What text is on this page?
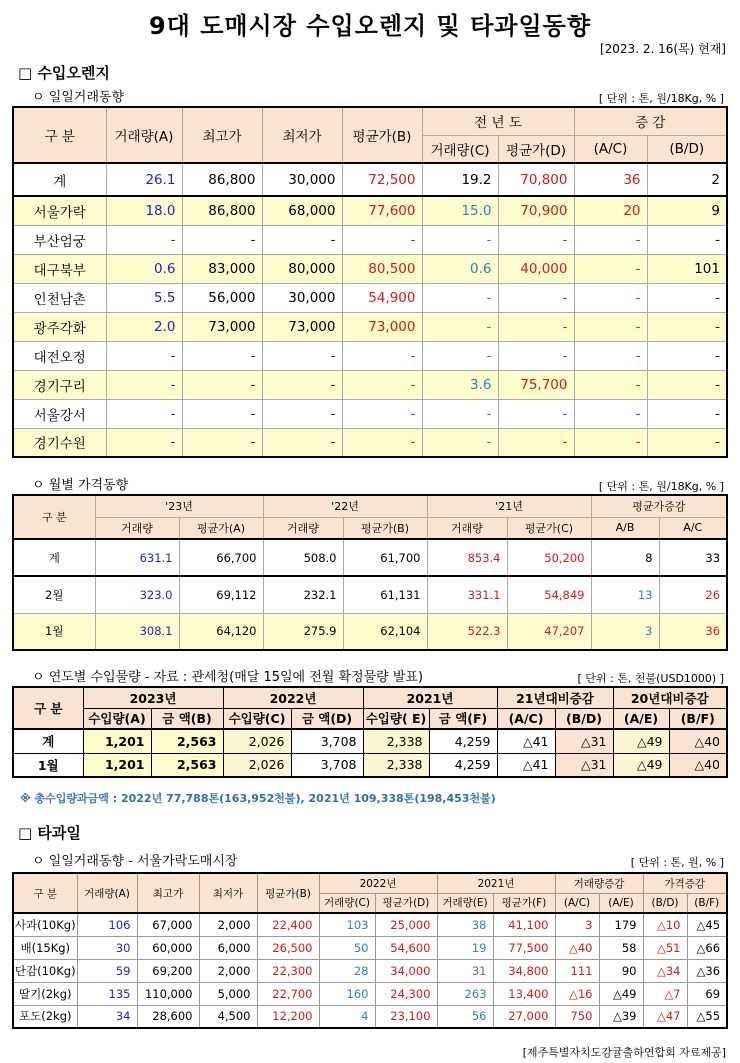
9대 도매시장 수입오렌지 및 타과일동향
[2023. 2. 16(목) 현재]
□ 수입오렌지
ㅇ 일일거래동향	[ 단위 : 톤, 원/18Kg, % ]
구 분	거래량(A)	최고가	최저가	평균가(B)	전 년 도		증 감	
					거래량(C)	평균가(D)	(A/C)	(B/D)
계	26.1	86,800	30,000	72,500	19.2	70,800	36	2
서울가락	18.0	86,800	68,000	77,600	15.0	70,900	20	9
부산엄궁	-	-	-	-	-	-	-	-
대구북부	0.6	83,000	80,000	80,500	0.6	40,000	-	101
인천남촌	5.5	56,000	30,000	54,900	-	-	-	-
광주각화	2.0	73,000	73,000	73,000	-	-	-	-
대전오정	-	-	-	-	-	-	-	-
경기구리	-	-	-	-	3.6	75,700	-	-
서울강서	-	-	-	-	-	-	-	-
경기수원	-	-	-	-	-	-	-	-
ㅇ 월별 가격동향	[ 단위 : 톤, 원/18Kg, % ]
구 분	'23년		'22년		'21년		평균가증감	
	거래량	평균가(A)	거래량	평균가(B)	거래량	평균가(C)	A/B	A/C
계	631.1	66,700	508.0	61,700	853.4	50,200	8	33
2월	323.0	69,112	232.1	61,131	331.1	54,849	13	26
1월	308.1	64,120	275.9	62,104	522.3	47,207	3	36
ㅇ 연도별 수입물량 - 자료 : 관세청(매달 15일에 전월 확정물량 발표)	[ 단위 : 톤, 천불(USD1000) ]
구 분	2023년		2022년		2021년		21년대비증감		20년대비증감	
	수입량(A)	금 액(B)	수입량(C)	금 액(D)	수입량( E)	금 액(F)	(A/C)	(B/D)	(A/E)	(B/F)
계	1,201	2,563	2,026	3,708	2,338	4,259	△41	△31	△49	△40
1월	1,201	2,563	2,026	3,708	2,338	4,259	△41	△31	△49	△40
※ 총수입량과금액 : 2022년 77,788톤(163,952천불), 2021년 109,338톤(198,453천불)
□ 타과일
ㅇ 일일거래동향 - 서울가락도매시장	[ 단위 : 톤, 원, % ]
구 분	거래량(A)	최고가	최저가	평균가(B)	2022년		2021년		거래량증감		가격증감	
					거래량(C)	평균가(D)	거래량(E)	평균가(F)	(A/C)	(A/E)	(B/D)	(B/F)
사과(10Kg)	106	67,000	2,000	22,400	103	25,000	38	41,100	3	179	△10	△45
배(15Kg)	30	60,000	6,000	26,500	50	54,600	19	77,500	△40	58	△51	△66
단감(10Kg)	59	69,200	2,000	22,300	28	34,000	31	34,800	111	90	△34	△36
딸기(2kg)	135	110,000	5,000	22,700	160	24,300	263	13,400	△16	△49	△7	69
포도(2kg)	34	28,600	4,500	12,200	4	23,100	56	27,000	750	△39	△47	△55
[제주특별자치도감귤출하연합회 자료제공]
